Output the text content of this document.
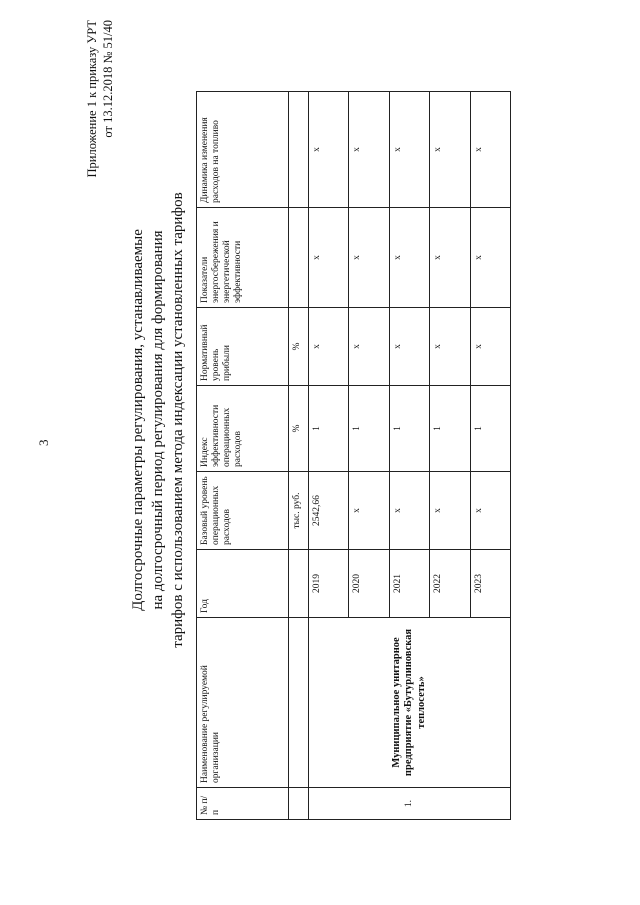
3
Приложение 1 к приказу УРТ от 13.12.2018 № 51/40
Долгосрочные параметры регулирования, устанавливаемые на долгосрочный период регулирования для формирования тарифов с использованием метода индексации установленных тарифов
№ п/п	Наименование регулируемой организации	Год	Базовый уровень операционных расходов	Индекс эффективности операционных расходов	Нормативный уровень прибыли	Показатели энергосбережения и энергетической эффективности	Динамика изменения расходов на топливо
			тыс. руб.	%	%		
1.	Муниципальное унитарное предприятие «Бутурлиновская теплосеть»	2019	2542,66	1	х	х	х
		2020	х	1	х	х	х
		2021	х	1	х	х	х
		2022	х	1	х	х	х
		2023	х	1	х	х	х
